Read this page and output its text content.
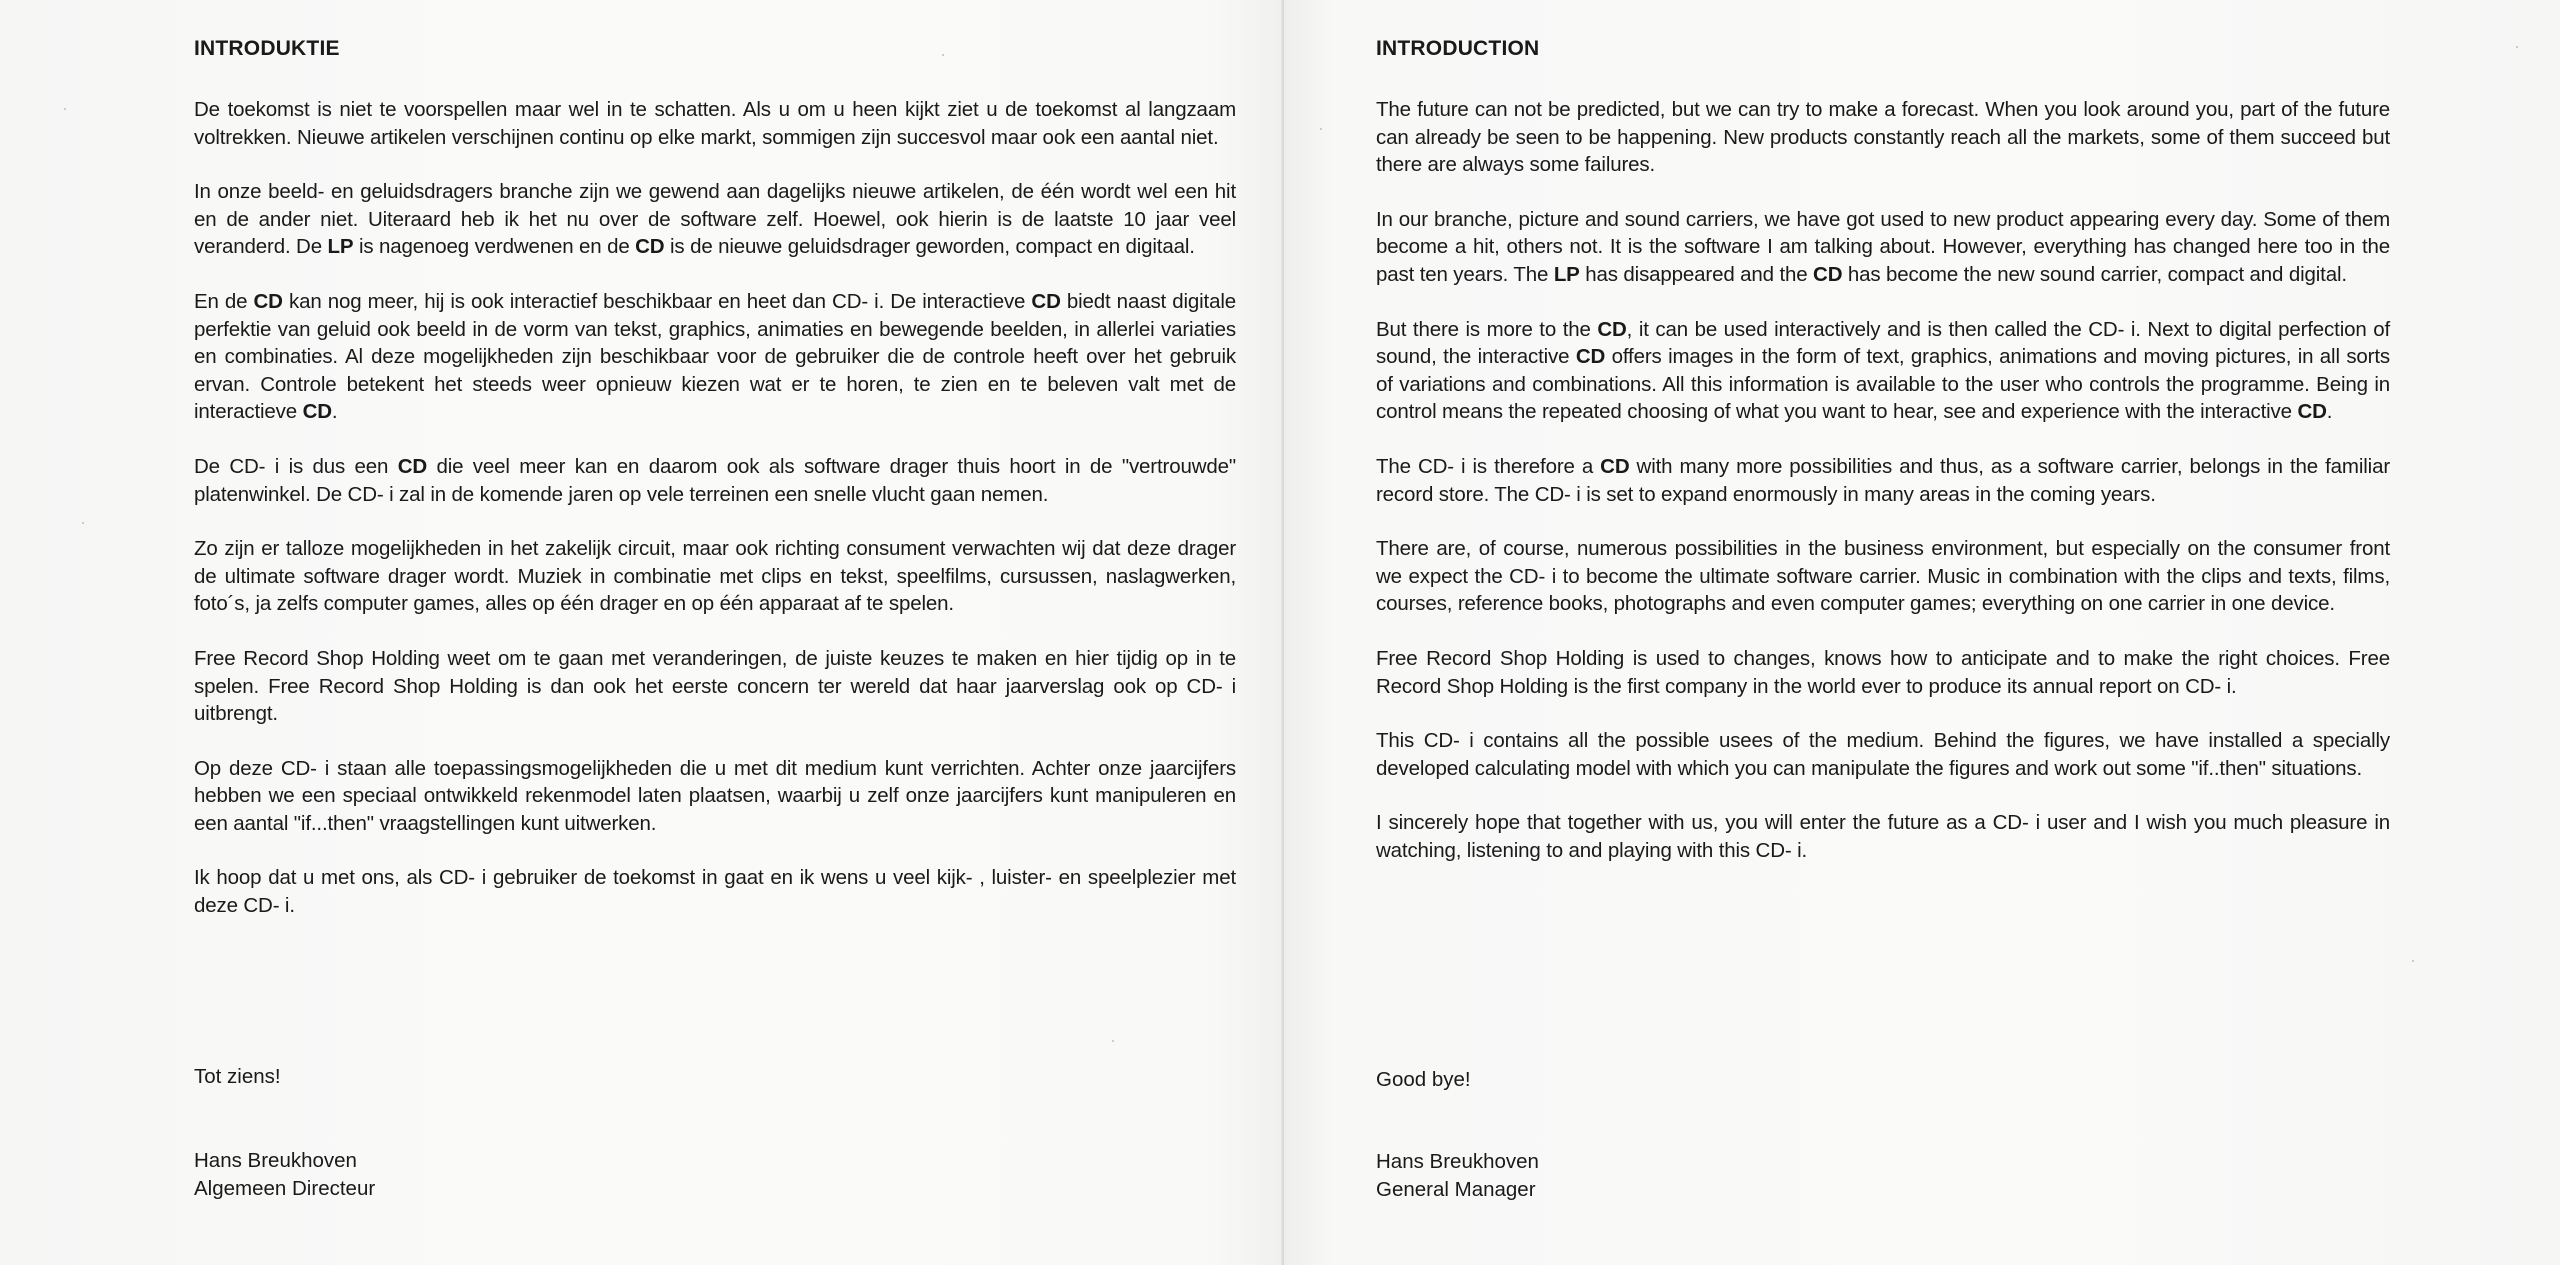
INTRODUKTIE

De toekomst is niet te voorspellen maar wel in te schatten. Als u om u heen kijkt ziet u de toekomst al langzaam voltrekken. Nieuwe artikelen verschijnen continu op elke markt, sommigen zijn succesvol maar ook een aantal niet.

In onze beeld- en geluidsdragers branche zijn we gewend aan dagelijks nieuwe artikelen, de één wordt wel een hit en de ander niet. Uiteraard heb ik het nu over de software zelf. Hoewel, ook hierin is de laatste 10 jaar veel veranderd. De LP is nagenoeg verdwenen en de CD is de nieuwe geluidsdrager geworden, compact en digitaal.

En de CD kan nog meer, hij is ook interactief beschikbaar en heet dan CD- i. De interactieve CD biedt naast digitale perfektie van geluid ook beeld in de vorm van tekst, graphics, animaties en bewegende beelden, in allerlei variaties en combinaties. Al deze mogelijkheden zijn beschikbaar voor de gebruiker die de controle heeft over het gebruik ervan. Controle betekent het steeds weer opnieuw kiezen wat er te horen, te zien en te beleven valt met de interactieve CD.

De CD- i is dus een CD die veel meer kan en daarom ook als software drager thuis hoort in de "vertrouwde" platenwinkel. De CD- i zal in de komende jaren op vele terreinen een snelle vlucht gaan nemen.

Zo zijn er talloze mogelijkheden in het zakelijk circuit, maar ook richting consument verwachten wij dat deze drager de ultimate software drager wordt. Muziek in combinatie met clips en tekst, speelfilms, cursussen, naslagwerken, foto´s, ja zelfs computer games, alles op één drager en op één apparaat af te spelen.

Free Record Shop Holding weet om te gaan met veranderingen, de juiste keuzes te maken en hier tijdig op in te spelen. Free Record Shop Holding is dan ook het eerste concern ter wereld dat haar jaarverslag ook op CD- i uitbrengt.

Op deze CD- i staan alle toepassingsmogelijkheden die u met dit medium kunt verrichten. Achter onze jaarcijfers hebben we een speciaal ontwikkeld rekenmodel laten plaatsen, waarbij u zelf onze jaarcijfers kunt manipuleren en een aantal "if...then" vraagstellingen kunt uitwerken.

Ik hoop dat u met ons, als CD- i gebruiker de toekomst in gaat en ik wens u veel kijk- , luister- en speelplezier met deze CD- i.

Tot ziens!

Hans Breukhoven

Algemeen Directeur

INTRODUCTION

The future can not be predicted, but we can try to make a forecast. When you look around you, part of the future can already be seen to be happening. New products constantly reach all the markets, some of them succeed but there are always some failures.

In our branche, picture and sound carriers, we have got used to new product appearing every day. Some of them become a hit, others not. It is the software I am talking about. However, everything has changed here too in the past ten years. The LP has disappeared and the CD has become the new sound carrier, compact and digital.

But there is more to the CD, it can be used interactively and is then called the CD- i. Next to digital perfection of sound, the interactive CD offers images in the form of text, graphics, animations and moving pictures, in all sorts of variations and combinations. All this information is available to the user who controls the programme. Being in control means the repeated choosing of what you want to hear, see and experience with the interactive CD.

The CD- i is therefore a CD with many more possibilities and thus, as a software carrier, belongs in the familiar record store. The CD- i is set to expand enormously in many areas in the coming years.

There are, of course, numerous possibilities in the business environment, but especially on the consumer front we expect the CD- i to become the ultimate software carrier. Music in combination with the clips and texts, films, courses, reference books, photographs and even computer games; everything on one carrier in one device.

Free Record Shop Holding is used to changes, knows how to anticipate and to make the right choices. Free Record Shop Holding is the first company in the world ever to produce its annual report on CD- i.

This CD- i contains all the possible usees of the medium. Behind the figures, we have installed a specially developed calculating model with which you can manipulate the figures and work out some "if..then" situations.

I sincerely hope that together with us, you will enter the future as a CD- i user and I wish you much pleasure in watching, listening to and playing with this CD- i.

Good bye!

Hans Breukhoven

General Manager
